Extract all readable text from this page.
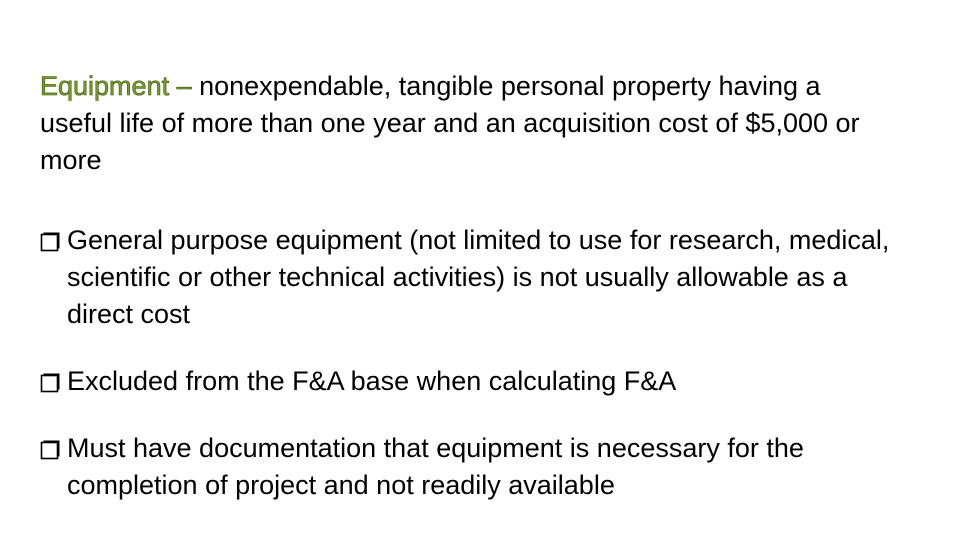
Equipment – nonexpendable, tangible personal property having a useful life of more than one year and an acquisition cost of $5,000 or more

General purpose equipment (not limited to use for research, medical, scientific or other technical activities) is not usually allowable as a direct cost
Excluded from the F&A base when calculating F&A
Must have documentation that equipment is necessary for the completion of project and not readily available
